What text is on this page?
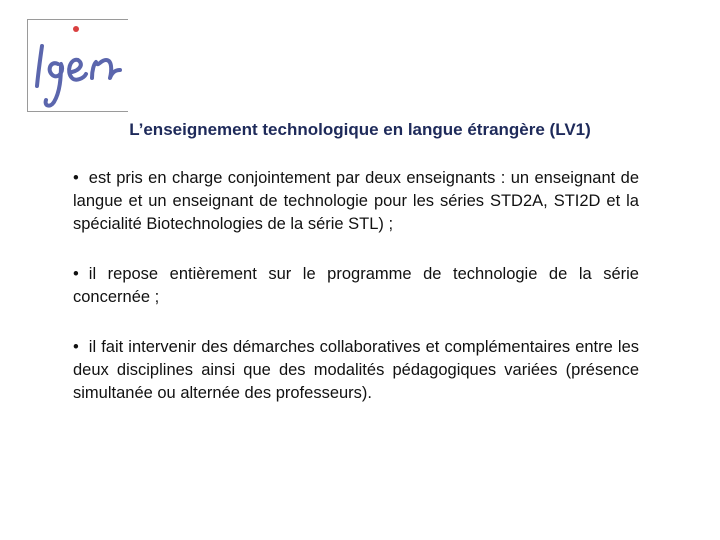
L’enseignement technologique en langue étrangère (LV1)

• est pris en charge conjointement par deux enseignants : un enseignant de langue et un enseignant de technologie pour les séries STD2A, STI2D et la spécialité Biotechnologies de la série STL) ;

• il repose entièrement sur le programme de technologie de la série concernée ;

• il fait intervenir des démarches collaboratives et complémentaires entre les deux disciplines ainsi que des modalités pédagogiques variées (présence simultanée ou alternée des professeurs).
